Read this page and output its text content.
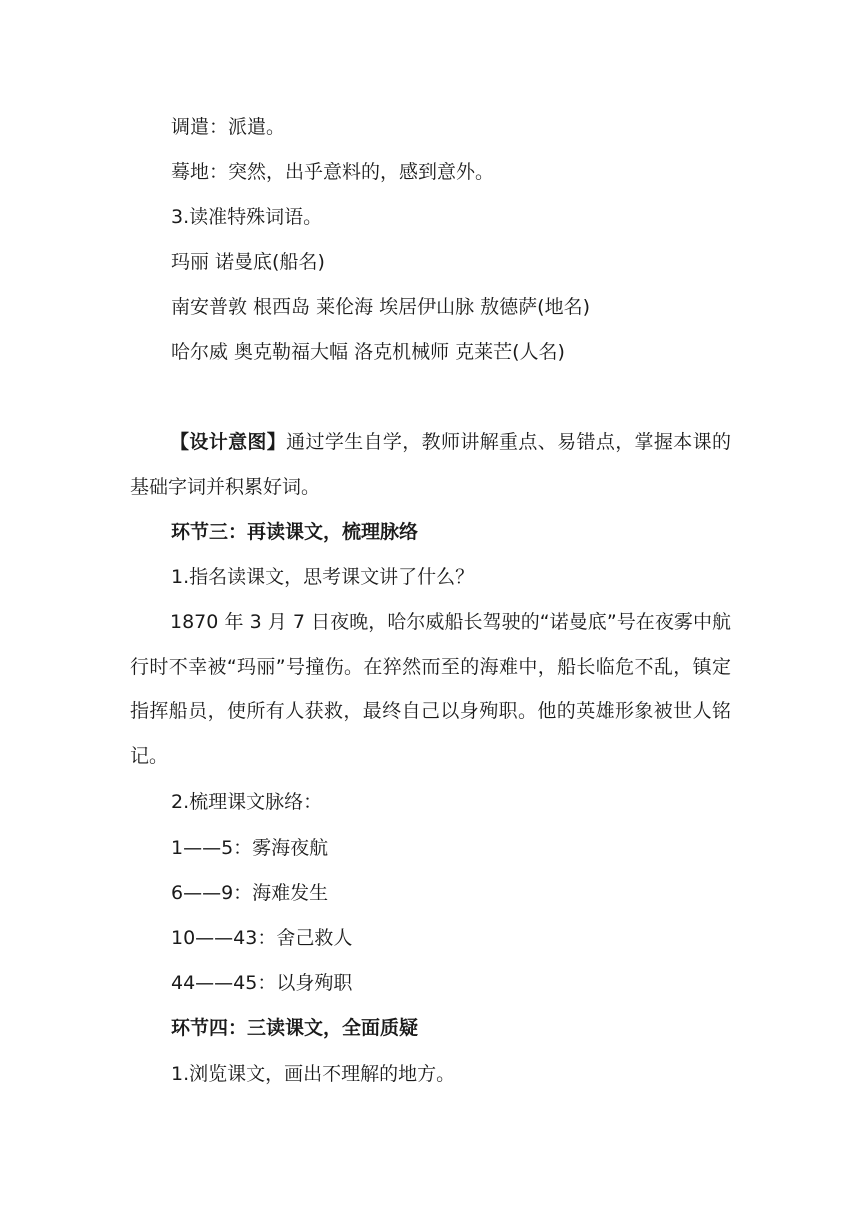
调遣：派遣。
蓦地：突然，出乎意料的，感到意外。
3.读准特殊词语。
玛丽 诺曼底(船名)
南安普敦 根西岛 莱伦海 埃居伊山脉 敖德萨(地名)
哈尔威 奥克勒福大幅 洛克机械师 克莱芒(人名)
【设计意图】通过学生自学，教师讲解重点、易错点，掌握本课的基础字词并积累好词。
环节三：再读课文，梳理脉络
1.指名读课文，思考课文讲了什么？
1870 年 3 月 7 日夜晚，哈尔威船长驾驶的“诺曼底”号在夜雾中航行时不幸被“玛丽”号撞伤。在猝然而至的海难中，船长临危不乱，镇定指挥船员，使所有人获救，最终自己以身殉职。他的英雄形象被世人铭记。
2.梳理课文脉络：
1——5：雾海夜航
6——9：海难发生
10——43：舍己救人
44——45：以身殉职
环节四：三读课文，全面质疑
1.浏览课文，画出不理解的地方。
